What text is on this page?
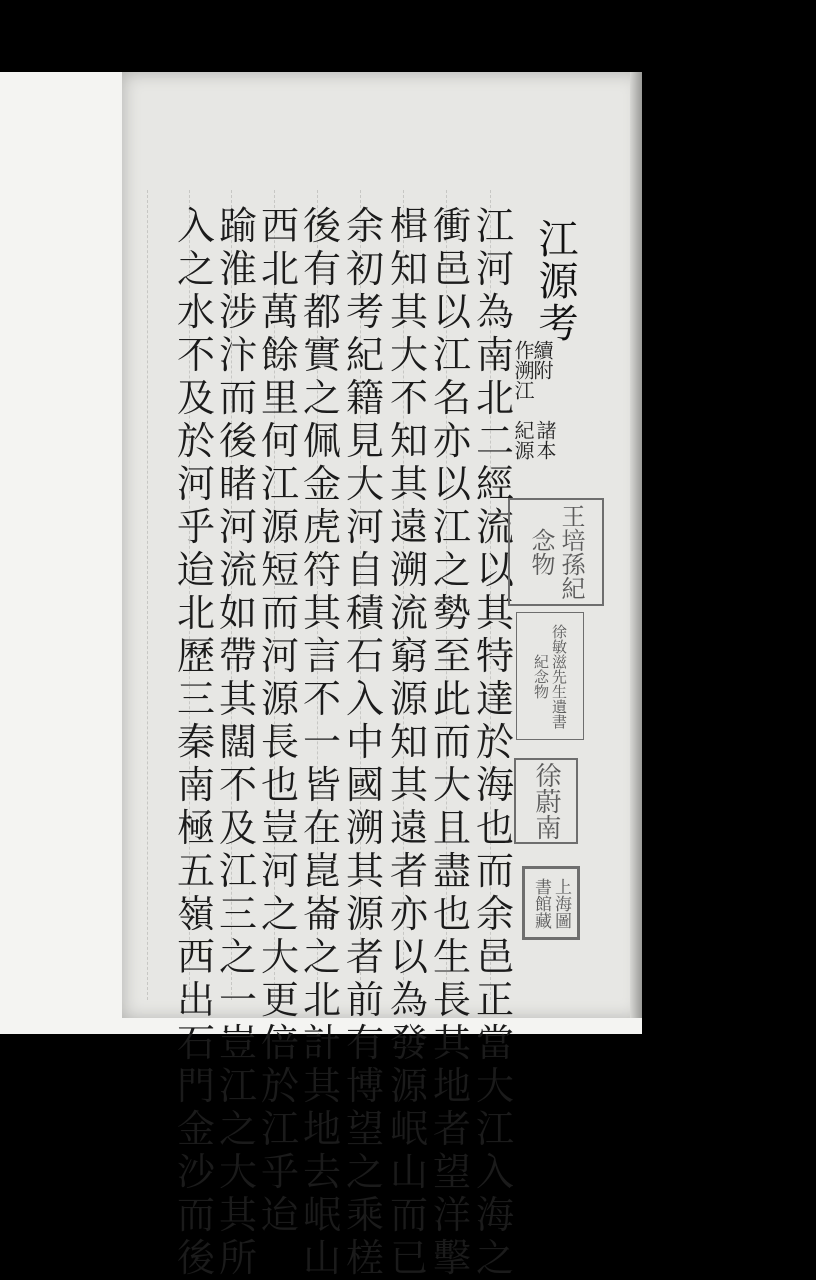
江源考
續附
作溯江
紀源
諸本
江
河
為
南
北
二
經
流
以
其
特
達
於
海
也
而
余
邑
正
當
大
江
入
海
之
衝
邑
以
江
名
亦
以
江
之
勢
至
此
而
大
且
盡
也
生
長
其
地
者
望
洋
擊
楫
知
其
大
不
知
其
遠
溯
流
窮
源
知
其
遠
者
亦
以
為
發
源
岷
山
而
已
余
初
考
紀
籍
見
大
河
自
積
石
入
中
國
溯
其
源
者
前
有
博
望
之
乘
槎
後
有
都
實
之
佩
金
虎
符
其
言
不
一
皆
在
崑
崙
之
北
計
其
地
去
岷
山
西
北
萬
餘
里
何
江
源
短
而
河
源
長
也
豈
河
之
大
更
倍
於
江
乎
迨
踰
淮
涉
汴
而
後
睹
河
流
如
帶
其
闊
不
及
江
三
之
一
豈
江
之
大
其
所
入
之
水
不
及
於
河
乎
迨
北
歷
三
秦
南
極
五
嶺
西
出
石
門
金
沙
而
後
王培孫紀念物
徐敏滋先生遺書紀念物
徐蔚南
上海圖書館藏
